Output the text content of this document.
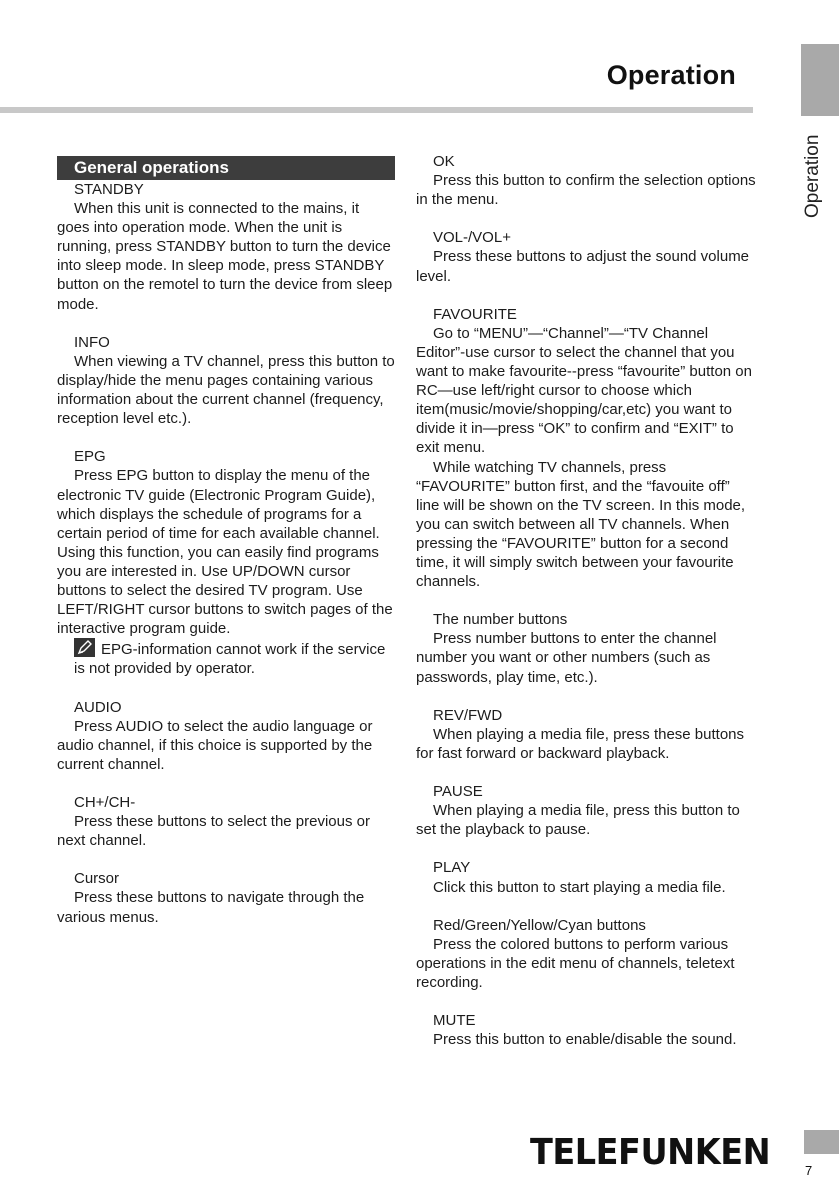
Operation
Operation
General operations
STANDBY

When this unit is connected to the mains, it goes into operation mode. When the unit is running, press STANDBY button to turn the device into sleep mode. In sleep mode, press STANDBY button on the remotel to turn the device from sleep mode.

INFO

When viewing a TV channel, press this button to display/hide the menu pages containing various information about the current channel (frequency, reception level etc.).

EPG

Press EPG button to display the menu of the electronic TV guide (Electronic Program Guide), which displays the schedule of programs for a certain period of time for each available channel. Using this function, you can easily find programs you are interested in. Use UP/DOWN cursor buttons to select the desired TV program. Use LEFT/RIGHT cursor buttons to switch pages of the interactive program guide.

EPG-information cannot work if the service is not provided by operator.
AUDIO

Press AUDIO to select the audio language or audio channel, if this choice is supported by the current channel.

CH+/CH-

Press these buttons to select the previous or next channel.

Cursor

Press these buttons to navigate through the various menus.

OK

Press this button to confirm the selection options in the menu.

VOL-/VOL+

Press these buttons to adjust the sound volume level.

FAVOURITE

Go to “MENU”—“Channel”—“TV Channel Editor”-use cursor to select the channel that you want to make favourite--press “favourite” button on RC—use left/right cursor to choose which item(music/movie/shopping/car,etc) you want to divide it in—press “OK” to confirm and “EXIT” to exit menu.

While watching TV channels, press “FAVOURITE” button first, and the “favouite off” line will be shown on the TV screen. In this mode, you can switch between all TV channels. When pressing the “FAVOURITE” button for a second time, it will simply switch between your favourite channels.

The number buttons

Press number buttons to enter the channel number you want or other numbers (such as passwords, play time, etc.).

REV/FWD

When playing a media file, press these buttons for fast forward or backward playback.

PAUSE

When playing a media file, press this button to set the playback to pause.

PLAY

Click this button to start playing a media file.

Red/Green/Yellow/Cyan buttons

Press the colored buttons to perform various operations in the edit menu of channels, teletext recording.

MUTE

Press this button to enable/disable the sound.

TELEFUNKEN	7
